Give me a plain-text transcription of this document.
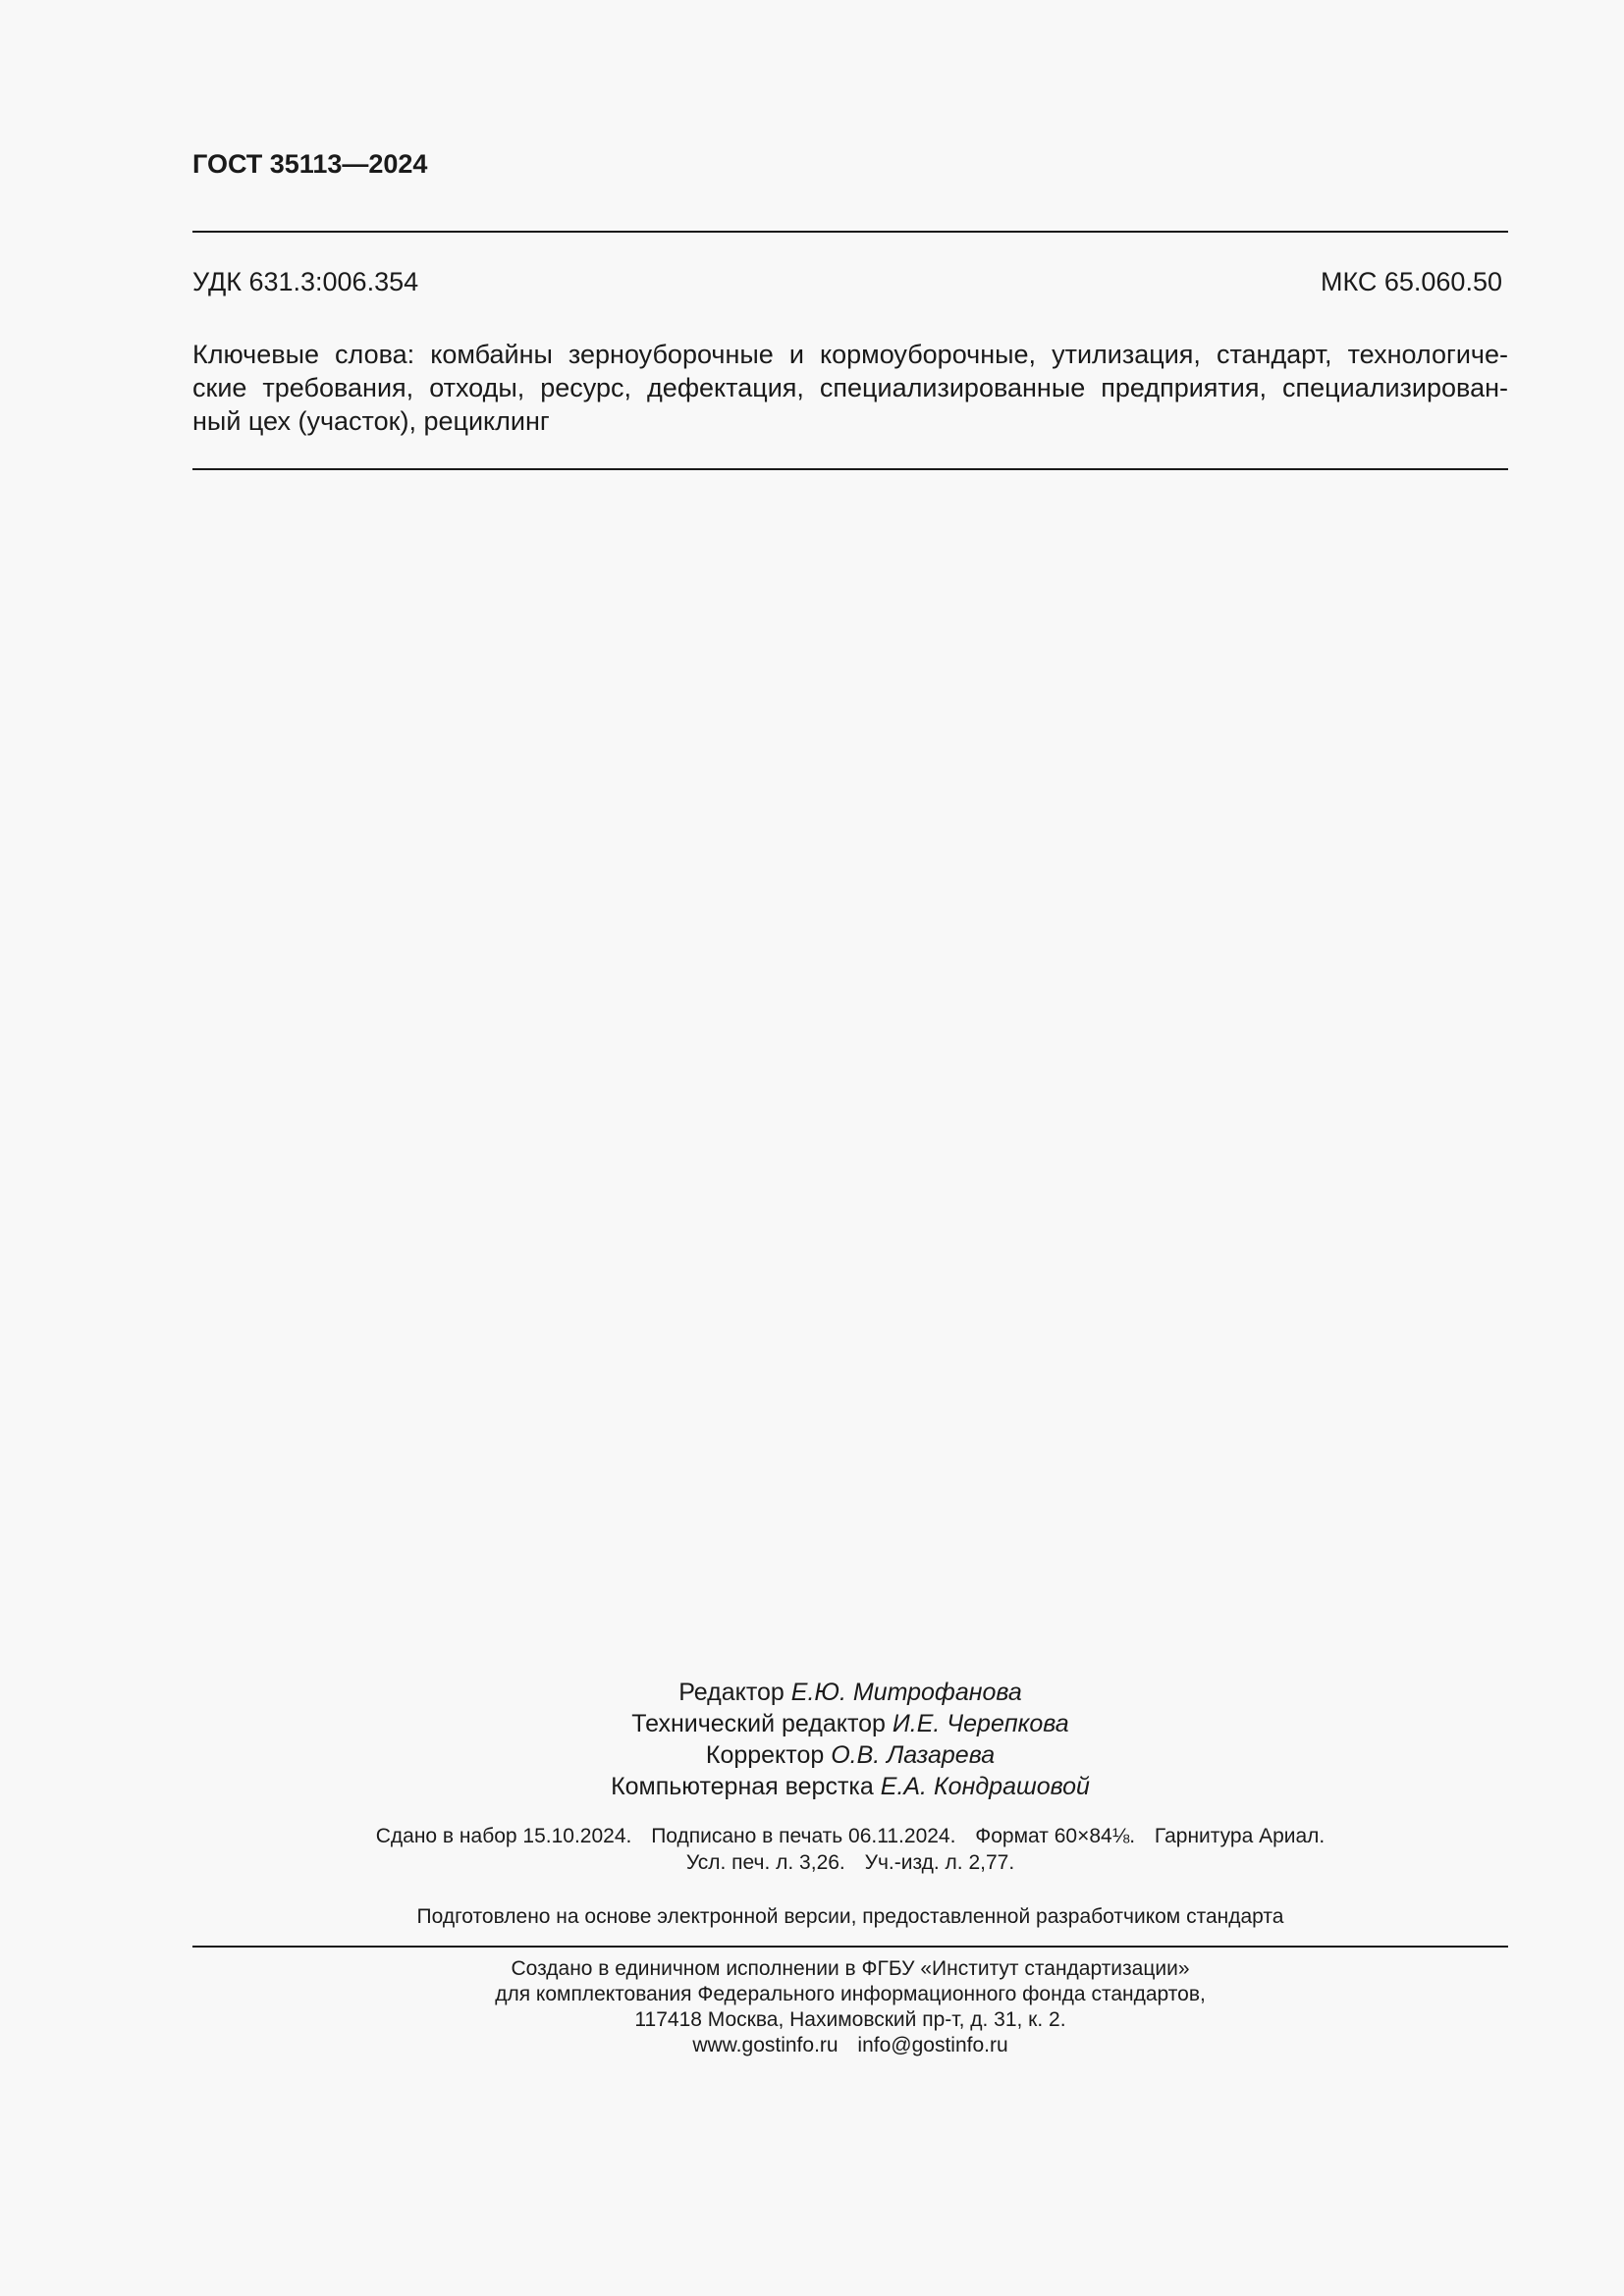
ГОСТ 35113—2024
УДК 631.3:006.354	МКС 65.060.50
Ключевые слова: комбайны зерноуборочные и кормоуборочные, утилизация, стандарт, технологиче-
ские требования, отходы, ресурс, дефектация, специализированные предприятия, специализирован-
ный цех (участок), рециклинг
Редактор Е.Ю. Митрофанова
Технический редактор И.Е. Черепкова
Корректор О.В. Лазарева
Компьютерная верстка Е.А. Кондрашовой
Сдано в набор 15.10.2024. Подписано в печать 06.11.2024. Формат 60×84⅛. Гарнитура Ариал.
Усл. печ. л. 3,26. Уч.-изд. л. 2,77.
Подготовлено на основе электронной версии, предоставленной разработчиком стандарта
Создано в единичном исполнении в ФГБУ «Институт стандартизации»
для комплектования Федерального информационного фонда стандартов,
117418 Москва, Нахимовский пр-т, д. 31, к. 2.
www.gostinfo.ru info@gostinfo.ru
